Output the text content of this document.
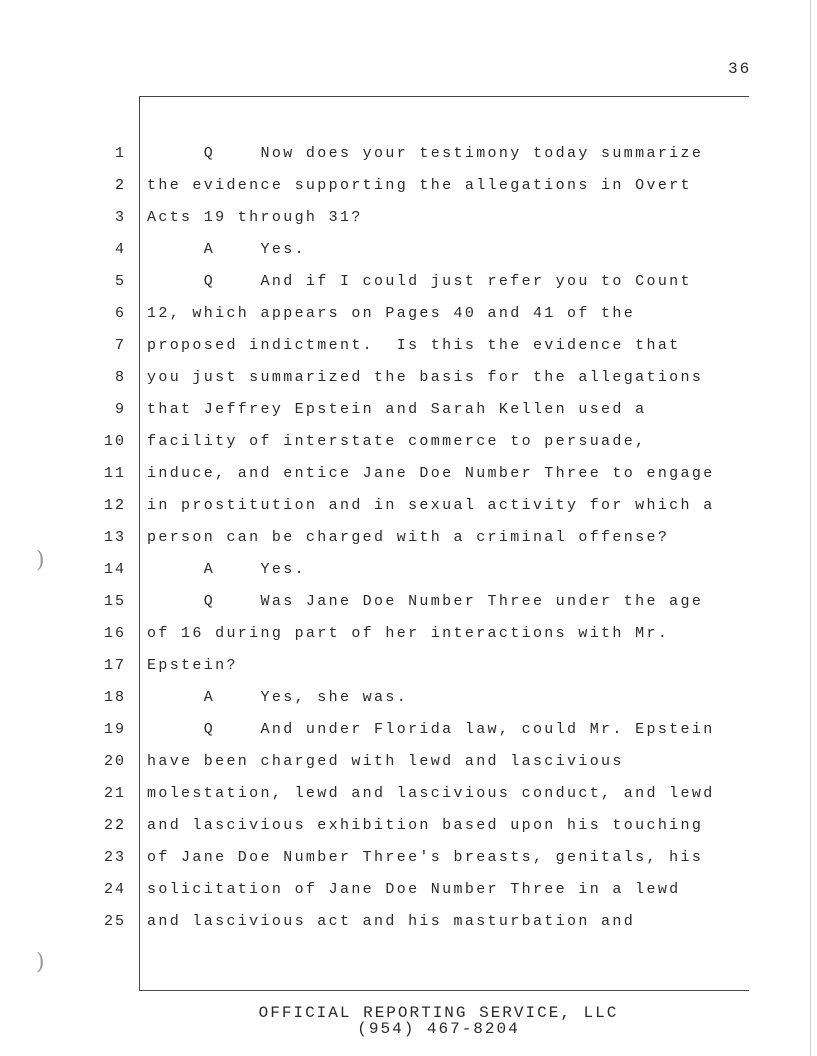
36
)
)
1 Q    Now does your testimony today summarize
2 the evidence supporting the allegations in Overt
3 Acts 19 through 31?
4 A    Yes.
5 Q    And if I could just refer you to Count
6 12, which appears on Pages 40 and 41 of the
7 proposed indictment.  Is this the evidence that
8 you just summarized the basis for the allegations
9 that Jeffrey Epstein and Sarah Kellen used a
10 facility of interstate commerce to persuade,
11 induce, and entice Jane Doe Number Three to engage
12 in prostitution and in sexual activity for which a
13 person can be charged with a criminal offense?
14 A    Yes.
15 Q    Was Jane Doe Number Three under the age
16 of 16 during part of her interactions with Mr.
17 Epstein?
18 A    Yes, she was.
19 Q    And under Florida law, could Mr. Epstein
20 have been charged with lewd and lascivious
21 molestation, lewd and lascivious conduct, and lewd
22 and lascivious exhibition based upon his touching
23 of Jane Doe Number Three's breasts, genitals, his
24 solicitation of Jane Doe Number Three in a lewd
25 and lascivious act and his masturbation and
OFFICIAL REPORTING SERVICE, LLC
(954) 467-8204
